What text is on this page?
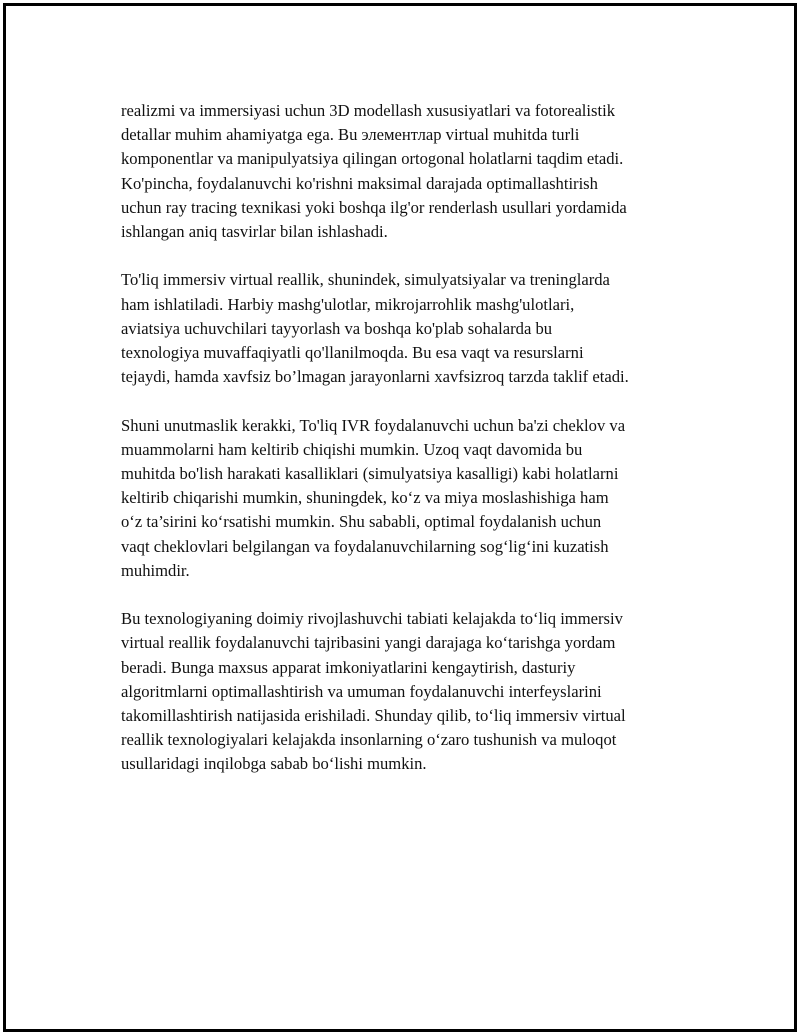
realizmi va immersiyasi uchun 3D modellash xususiyatlari va fotorealistik
detallar muhim ahamiyatga ega. Bu элементлар virtual muhitda turli
komponentlar va manipulyatsiya qilingan ortogonal holatlarni taqdim etadi.
Ko'pincha, foydalanuvchi ko'rishni maksimal darajada optimallashtirish
uchun ray tracing texnikasi yoki boshqa ilg'or renderlash usullari yordamida
ishlangan aniq tasvirlar bilan ishlashadi.

To'liq immersiv virtual reallik, shunindek, simulyatsiyalar va treninglarda
ham ishlatiladi. Harbiy mashg'ulotlar, mikrojarrohlik mashg'ulotlari,
aviatsiya uchuvchilari tayyorlash va boshqa ko'plab sohalarda bu
texnologiya muvaffaqiyatli qo'llanilmoqda. Bu esa vaqt va resurslarni
tejaydi, hamda xavfsiz bo’lmagan jarayonlarni xavfsizroq tarzda taklif etadi.

Shuni unutmaslik kerakki, To'liq IVR foydalanuvchi uchun ba'zi cheklov va
muammolarni ham keltirib chiqishi mumkin. Uzoq vaqt davomida bu
muhitda bo'lish harakati kasalliklari (simulyatsiya kasalligi) kabi holatlarni
keltirib chiqarishi mumkin, shuningdek, ko‘z va miya moslashishiga ham
o‘z ta’sirini ko‘rsatishi mumkin. Shu sababli, optimal foydalanish uchun
vaqt cheklovlari belgilangan va foydalanuvchilarning sog‘lig‘ini kuzatish
muhimdir.

Bu texnologiyaning doimiy rivojlashuvchi tabiati kelajakda to‘liq immersiv
virtual reallik foydalanuvchi tajribasini yangi darajaga ko‘tarishga yordam
beradi. Bunga maxsus apparat imkoniyatlarini kengaytirish, dasturiy
algoritmlarni optimallashtirish va umuman foydalanuvchi interfeyslarini
takomillashtirish natijasida erishiladi. Shunday qilib, to‘liq immersiv virtual
reallik texnologiyalari kelajakda insonlarning o‘zaro tushunish va muloqot
usullaridagi inqilobga sabab bo‘lishi mumkin.
